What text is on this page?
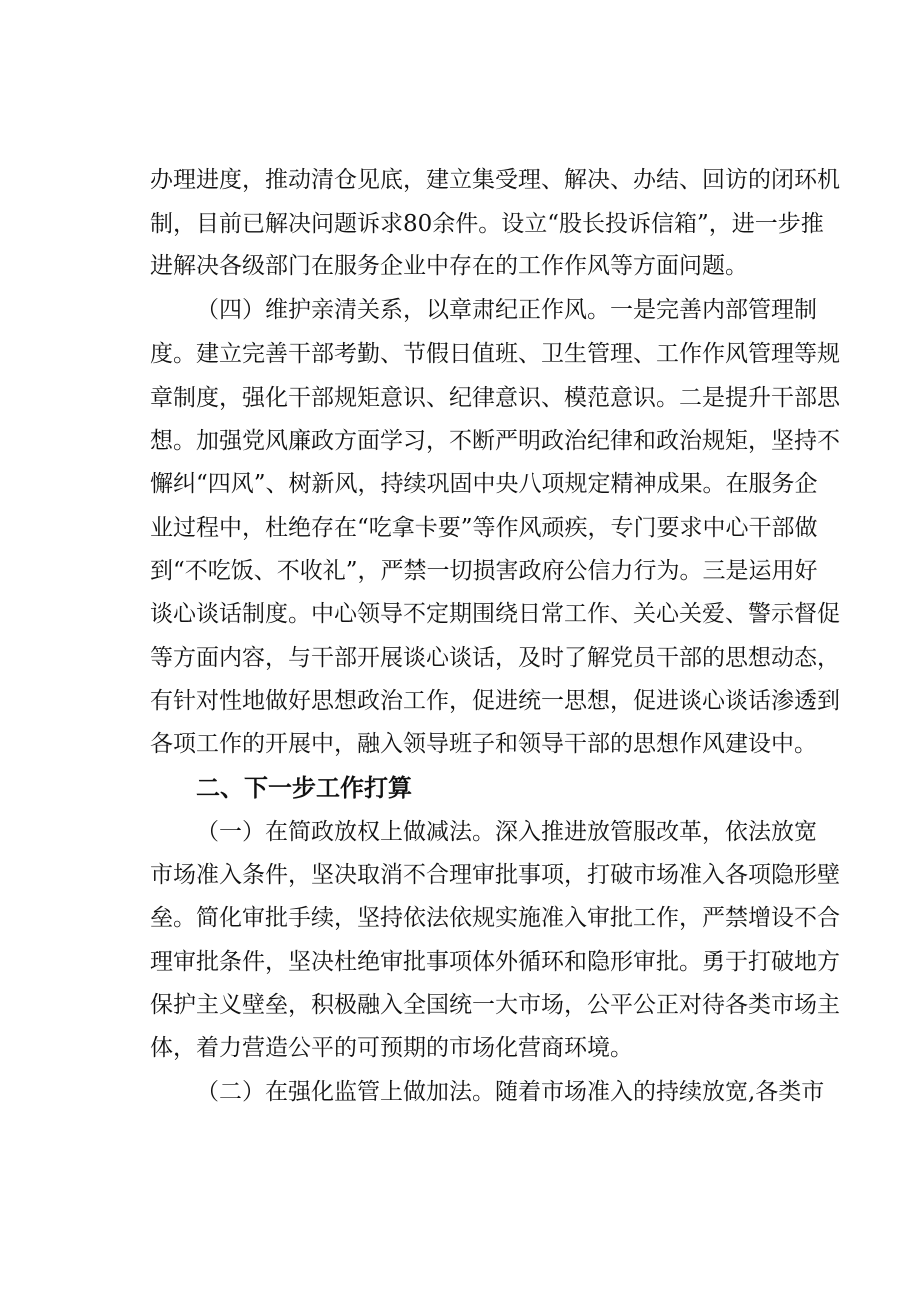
办理进度，推动清仓见底，建立集受理、解决、办结、回访的闭环机
制，目前已解决问题诉求80余件。设立“股长投诉信箱”，进一步推
进解决各级部门在服务企业中存在的工作作风等方面问题。
（四）维护亲清关系，以章肃纪正作风。一是完善内部管理制
度。建立完善干部考勤、节假日值班、卫生管理、工作作风管理等规
章制度，强化干部规矩意识、纪律意识、模范意识。二是提升干部思
想。加强党风廉政方面学习，不断严明政治纪律和政治规矩，坚持不
懈纠“四风”、树新风，持续巩固中央八项规定精神成果。在服务企
业过程中，杜绝存在“吃拿卡要”等作风顽疾，专门要求中心干部做
到“不吃饭、不收礼”，严禁一切损害政府公信力行为。三是运用好
谈心谈话制度。中心领导不定期围绕日常工作、关心关爱、警示督促
等方面内容，与干部开展谈心谈话，及时了解党员干部的思想动态，
有针对性地做好思想政治工作，促进统一思想，促进谈心谈话渗透到
各项工作的开展中，融入领导班子和领导干部的思想作风建设中。
二、下一步工作打算
（一）在简政放权上做减法。深入推进放管服改革，依法放宽
市场准入条件，坚决取消不合理审批事项，打破市场准入各项隐形壁
垒。简化审批手续，坚持依法依规实施准入审批工作，严禁增设不合
理审批条件，坚决杜绝审批事项体外循环和隐形审批。勇于打破地方
保护主义壁垒，积极融入全国统一大市场，公平公正对待各类市场主
体，着力营造公平的可预期的市场化营商环境。
（二）在强化监管上做加法。随着市场准入的持续放宽,各类市
